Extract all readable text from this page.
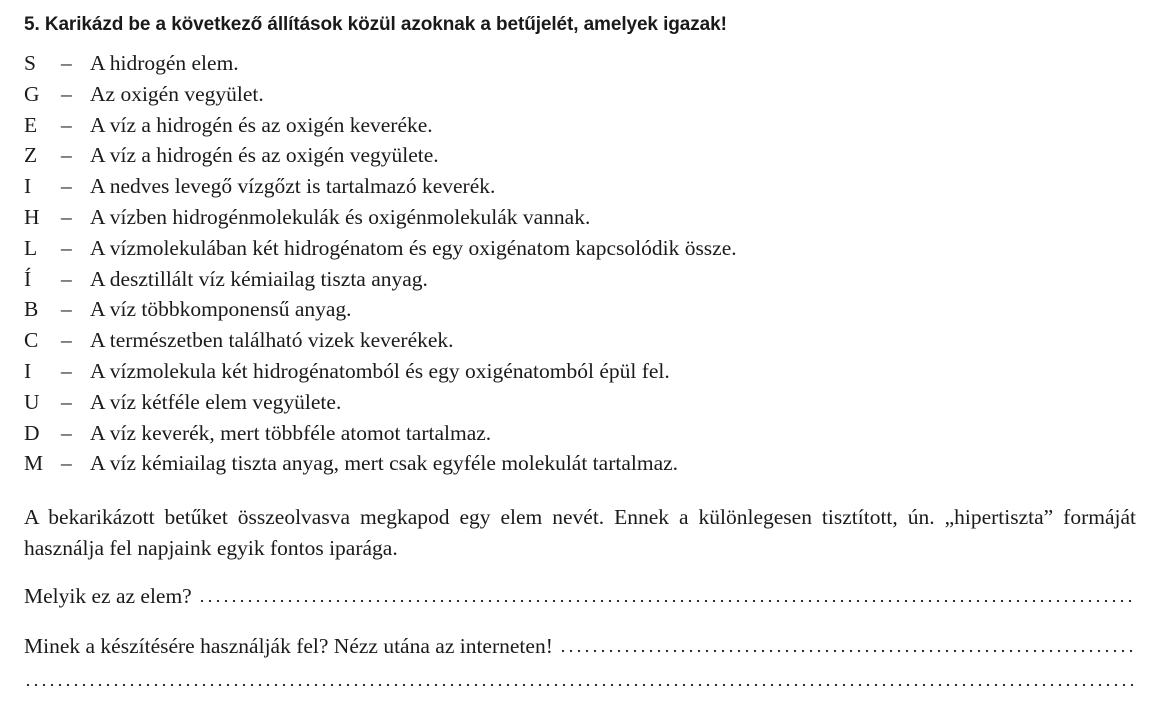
5. Karikázd be a következő állítások közül azoknak a betűjelét, amelyek igazak!
S – A hidrogén elem.
G – Az oxigén vegyület.
E – A víz a hidrogén és az oxigén keveréke.
Z – A víz a hidrogén és az oxigén vegyülete.
I – A nedves levegő vízgőzt is tartalmazó keverék.
H – A vízben hidrogénmolekulák és oxigénmolekulák vannak.
L – A vízmolekulában két hidrogénatom és egy oxigénatom kapcsolódik össze.
Í – A desztillált víz kémiailag tiszta anyag.
B – A víz többkomponensű anyag.
C – A természetben található vizek keverékek.
I – A vízmolekula két hidrogénatomból és egy oxigénatomból épül fel.
U – A víz kétféle elem vegyülete.
D – A víz keverék, mert többféle atomot tartalmaz.
M – A víz kémiailag tiszta anyag, mert csak egyféle molekulát tartalmaz.

A bekarikázott betűket összeolvasva megkapod egy elem nevét. Ennek a különlegesen tisztított, ún. „hipertiszta” formáját használja fel napjaink egyik fontos iparága.

Melyik ez az elem?
Minek a készítésére használják fel? Nézz utána az interneten!
